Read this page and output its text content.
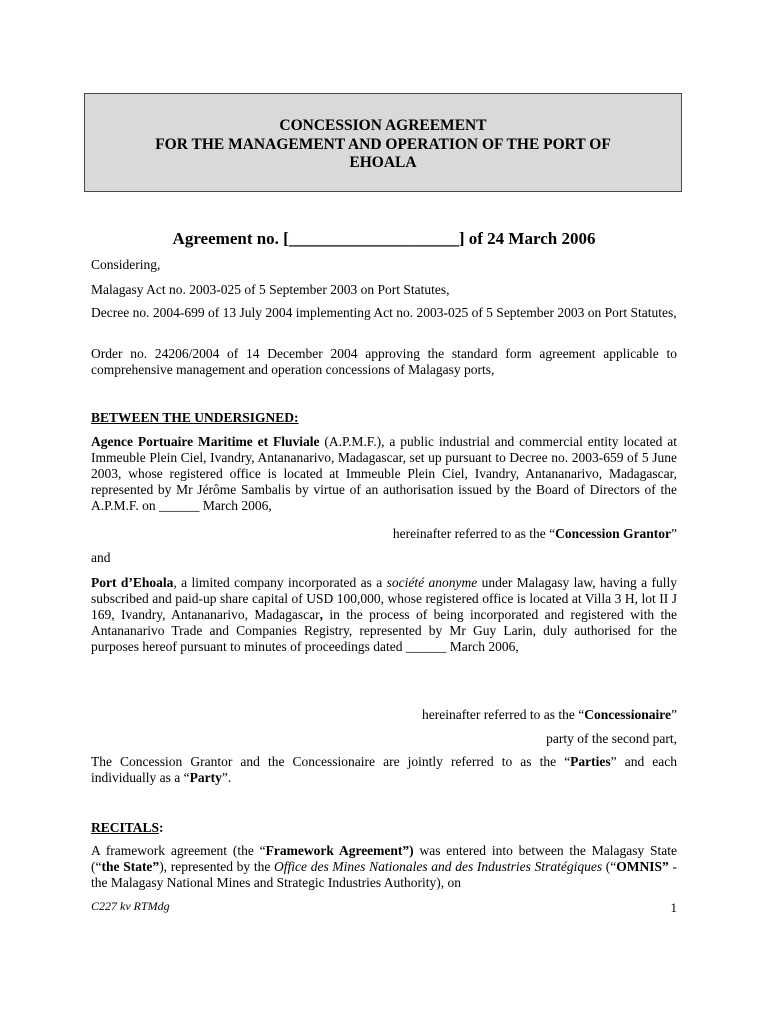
CONCESSION AGREEMENT
FOR THE MANAGEMENT AND OPERATION OF THE PORT OF
EHOALA
Agreement no. [____________________] of 24 March 2006
Considering,
Malagasy Act no. 2003-025 of 5 September 2003 on Port Statutes,
Decree no. 2004-699 of 13 July 2004 implementing Act no. 2003-025 of 5 September 2003 on Port Statutes,
Order no. 24206/2004 of 14 December 2004 approving the standard form agreement applicable to comprehensive management and operation concessions of Malagasy ports,
BETWEEN THE UNDERSIGNED:
Agence Portuaire Maritime et Fluviale (A.P.M.F.), a public industrial and commercial entity located at Immeuble Plein Ciel, Ivandry, Antananarivo, Madagascar, set up pursuant to Decree no. 2003-659 of 5 June 2003, whose registered office is located at Immeuble Plein Ciel, Ivandry, Antananarivo, Madagascar, represented by Mr Jérôme Sambalis by virtue of an authorisation issued by the Board of Directors of the A.P.M.F. on ______ March 2006,
hereinafter referred to as the “Concession Grantor”
and
Port d’Ehoala, a limited company incorporated as a société anonyme under Malagasy law, having a fully subscribed and paid-up share capital of USD 100,000, whose registered office is located at Villa 3 H, lot II J 169, Ivandry, Antananarivo, Madagascar, in the process of being incorporated and registered with the Antananarivo Trade and Companies Registry, represented by Mr Guy Larin, duly authorised for the purposes hereof pursuant to minutes of proceedings dated ______ March 2006,
hereinafter referred to as the “Concessionaire”
party of the second part,
The Concession Grantor and the Concessionaire are jointly referred to as the “Parties” and each individually as a “Party”.
RECITALS:
A framework agreement (the “Framework Agreement”) was entered into between the Malagasy State (“the State”), represented by the Office des Mines Nationales and des Industries Stratégiques (“OMNIS” - the Malagasy National Mines and Strategic Industries Authority), on
C227 kv RTMdg	1
